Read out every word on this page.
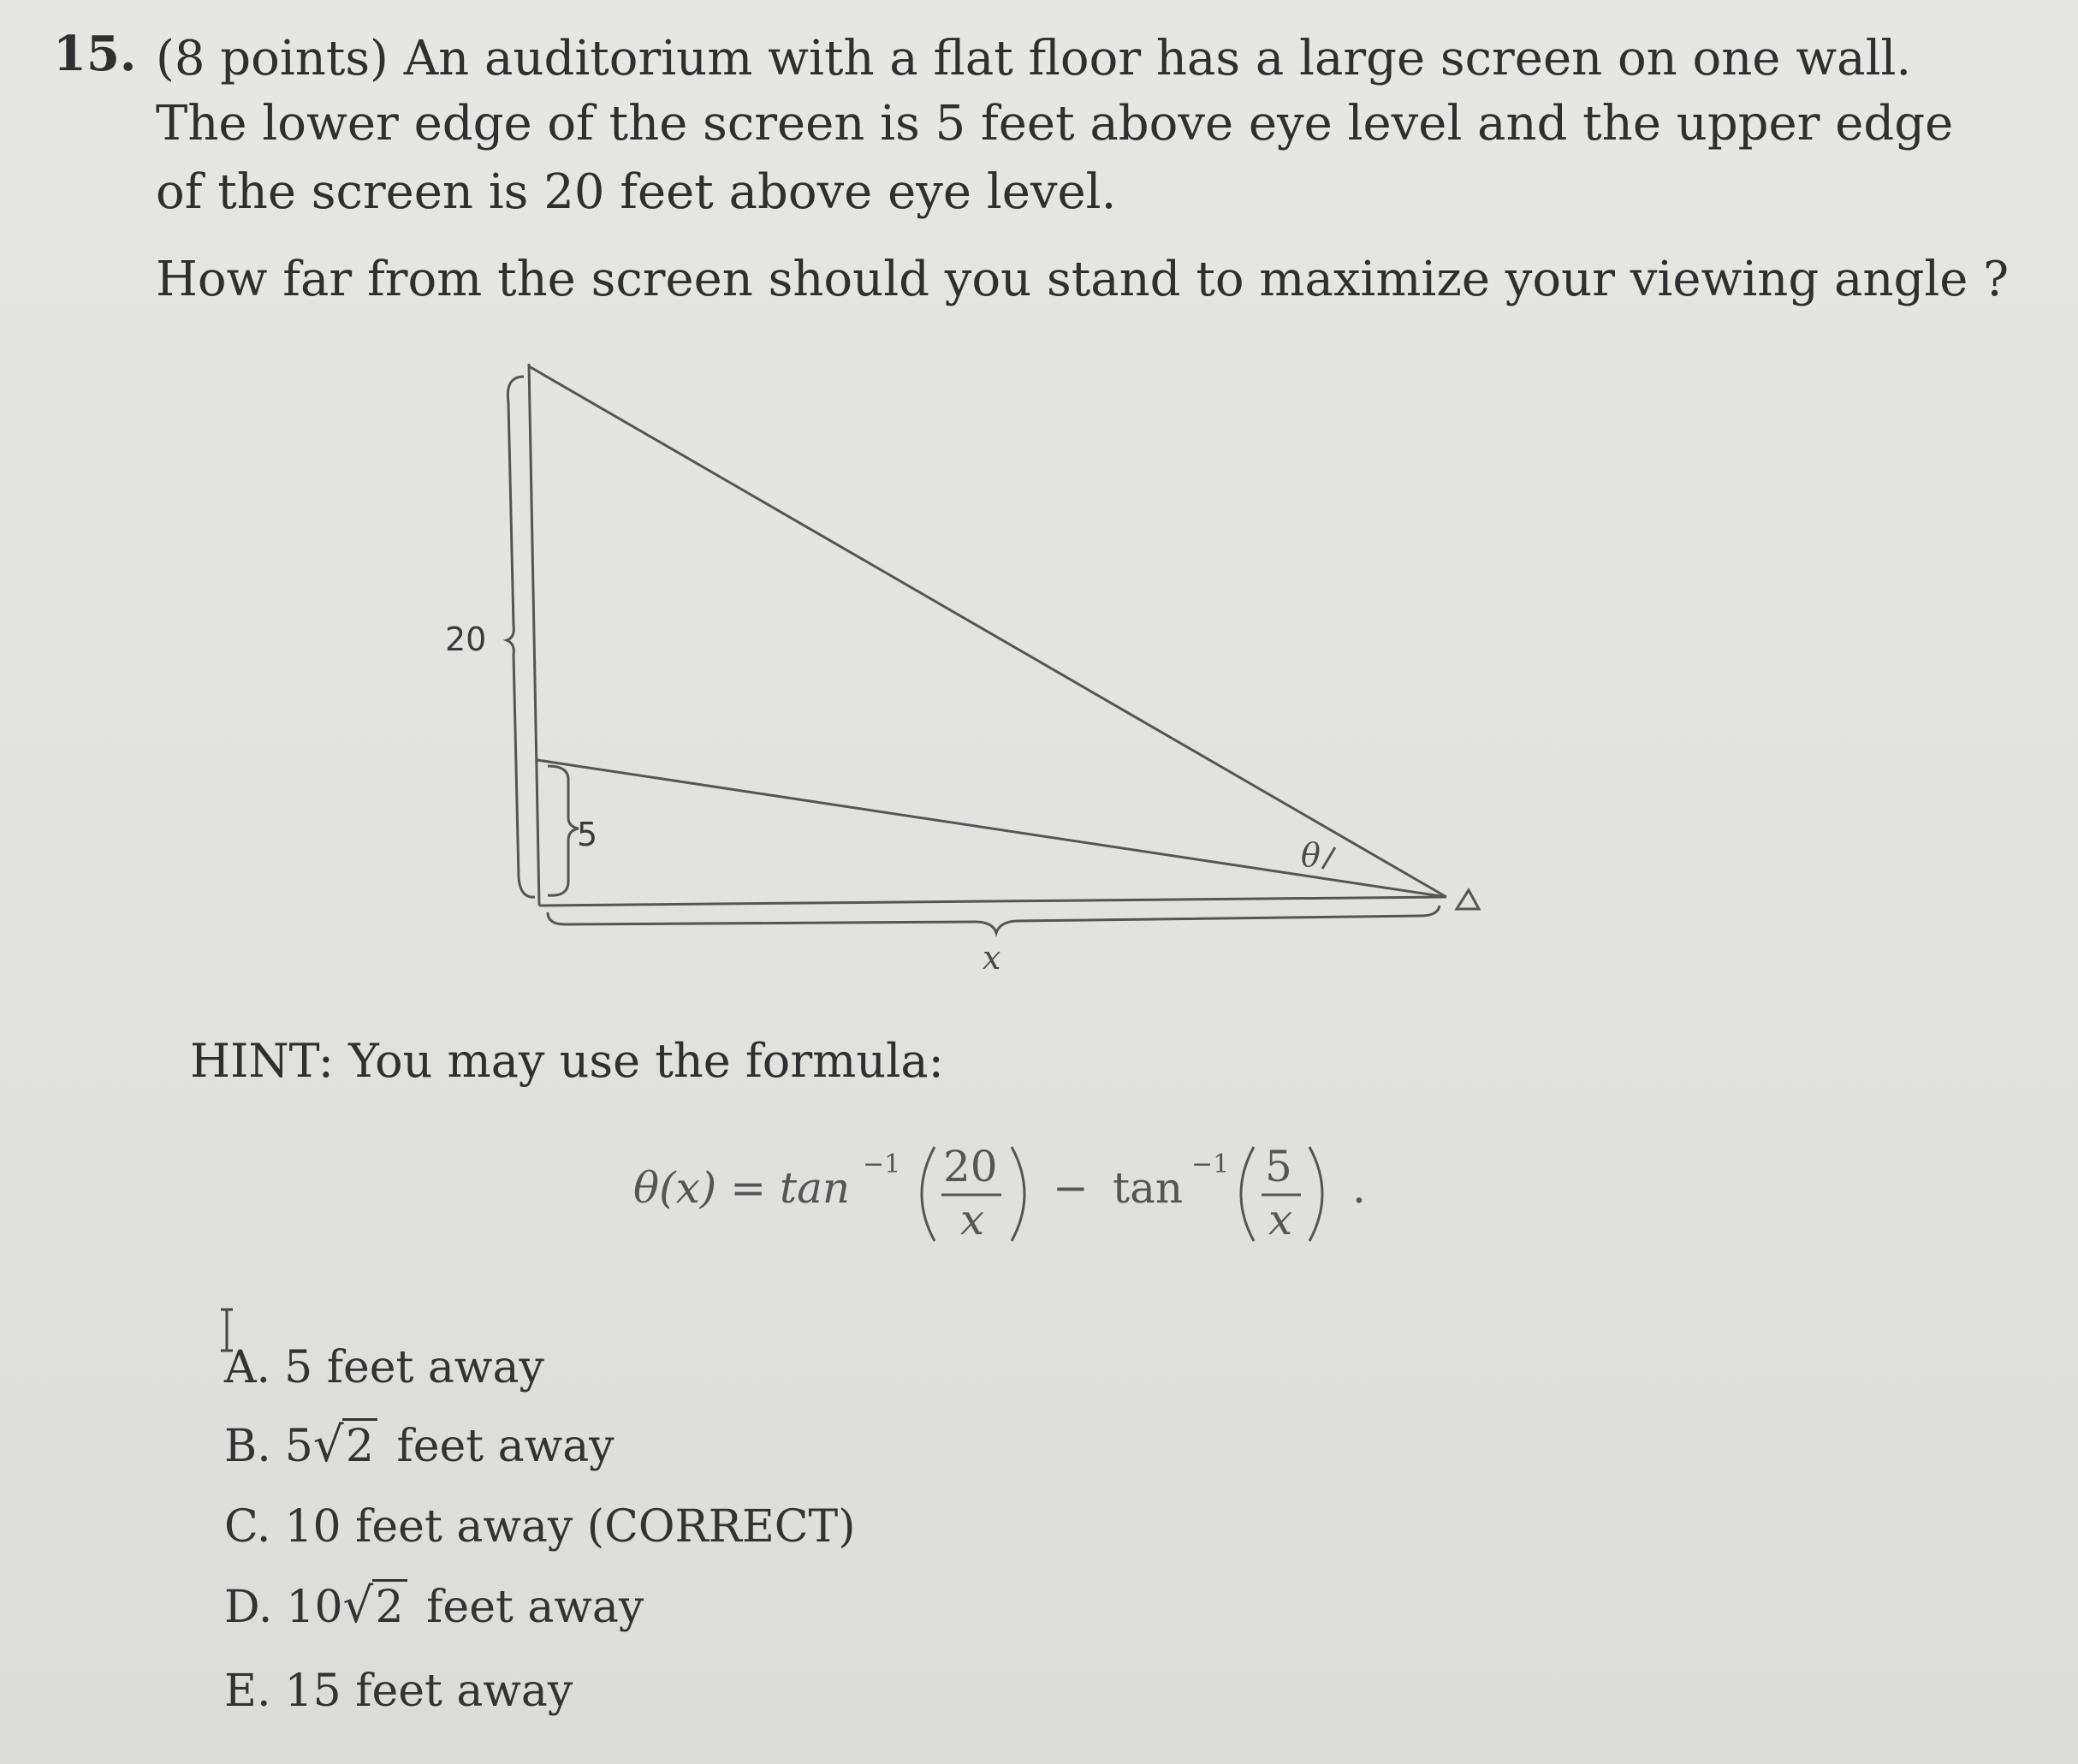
15. (8 points) An auditorium with a flat floor has a large screen on one wall.
The lower edge of the screen is 5 feet above eye level and the upper edge
of the screen is 20 feet above eye level.
How far from the screen should you stand to maximize your viewing angle ?
20
5
x
θ
HINT: You may use the formula:
θ(x) = tan −1 20
x
− tan −1 5
x
.
A. 5 feet away
B. 5 √ 2 feet away
C. 10 feet away (CORRECT)
D. 10 √ 2 feet away
E. 15 feet away
